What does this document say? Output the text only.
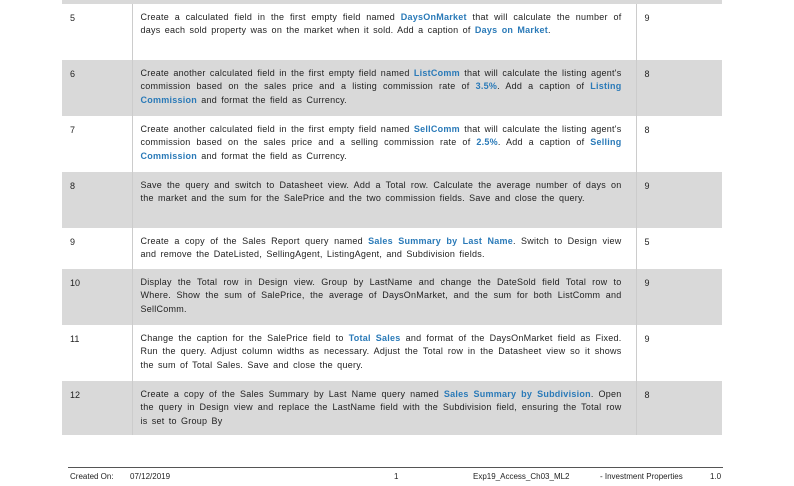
5	Create a calculated field in the first empty field named DaysOnMarket that will calculate the number of days each sold property was on the market when it sold. Add a caption of Days on Market.	9
6	Create another calculated field in the first empty field named ListComm that will calculate the listing agent's commission based on the sales price and a listing commission rate of 3.5%. Add a caption of Listing Commission and format the field as Currency.	8
7	Create another calculated field in the first empty field named SellComm that will calculate the listing agent's commission based on the sales price and a selling commission rate of 2.5%. Add a caption of Selling Commission and format the field as Currency.	8
8	Save the query and switch to Datasheet view. Add a Total row. Calculate the average number of days on the market and the sum for the SalePrice and the two commission fields. Save and close the query.	9
9	Create a copy of the Sales Report query named Sales Summary by Last Name. Switch to Design view and remove the DateListed, SellingAgent, ListingAgent, and Subdivision fields.	5
10	Display the Total row in Design view. Group by LastName and change the DateSold field Total row to Where. Show the sum of SalePrice, the average of DaysOnMarket, and the sum for both ListComm and SellComm.	9
11	Change the caption for the SalePrice field to Total Sales and format of the DaysOnMarket field as Fixed. Run the query. Adjust column widths as necessary. Adjust the Total row in the Datasheet view so it shows the sum of Total Sales. Save and close the query.	9
12	Create a copy of the Sales Summary by Last Name query named Sales Summary by Subdivision. Open the query in Design view and replace the LastName field with the Subdivision field, ensuring the Total row is set to Group By	8
Created On: 07/12/2019	1	Exp19_Access_Ch03_ML2	- Investment Properties	1.0
